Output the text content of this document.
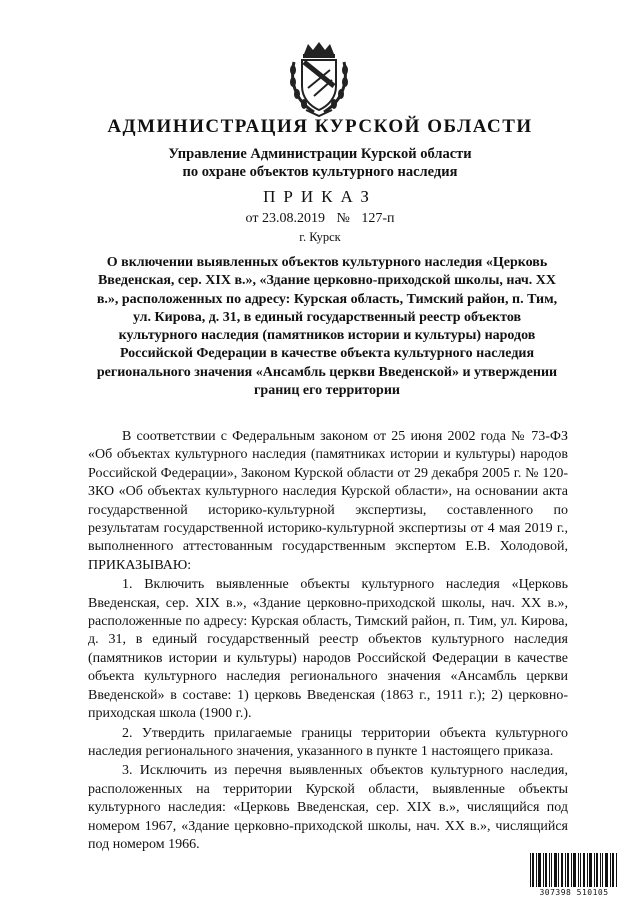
АДМИНИСТРАЦИЯ КУРСКОЙ ОБЛАСТИ
Управление Администрации Курской области
по охране объектов культурного наследия
ПРИКАЗ
от 23.08.2019 № 127-п
г. Курск
О включении выявленных объектов культурного наследия «Церковь Введенская, сер. XIX в.», «Здание церковно-приходской школы, нач. XX в.», расположенных по адресу: Курская область, Тимский район, п. Тим, ул. Кирова, д. 31, в единый государственный реестр объектов культурного наследия (памятников истории и культуры) народов Российской Федерации в качестве объекта культурного наследия регионального значения «Ансамбль церкви Введенской» и утверждении границ его территории

В соответствии с Федеральным законом от 25 июня 2002 года № 73-ФЗ «Об объектах культурного наследия (памятниках истории и культуры) народов Российской Федерации», Законом Курской области от 29 декабря 2005 г. № 120-ЗКО «Об объектах культурного наследия Курской области», на основании акта государственной историко-культурной экспертизы, составленного по результатам государственной историко-культурной экспертизы от 4 мая 2019 г., выполненного аттестованным государственным экспертом Е.В. Холодовой, ПРИКАЗЫВАЮ:

1. Включить выявленные объекты культурного наследия «Церковь Введенская, сер. XIX в.», «Здание церковно-приходской школы, нач. XX в.», расположенные по адресу: Курская область, Тимский район, п. Тим, ул. Кирова, д. 31, в единый государственный реестр объектов культурного наследия (памятников истории и культуры) народов Российской Федерации в качестве объекта культурного наследия регионального значения «Ансамбль церкви Введенской» в составе: 1) церковь Введенская (1863 г., 1911 г.); 2) церковно-приходская школа (1900 г.).

2. Утвердить прилагаемые границы территории объекта культурного наследия регионального значения, указанного в пункте 1 настоящего приказа.

3. Исключить из перечня выявленных объектов культурного наследия, расположенных на территории Курской области, выявленные объекты культурного наследия: «Церковь Введенская, сер. XIX в.», числящийся под номером 1967, «Здание церковно-приходской школы, нач. XX в.», числящийся под номером 1966.

307398 510105
